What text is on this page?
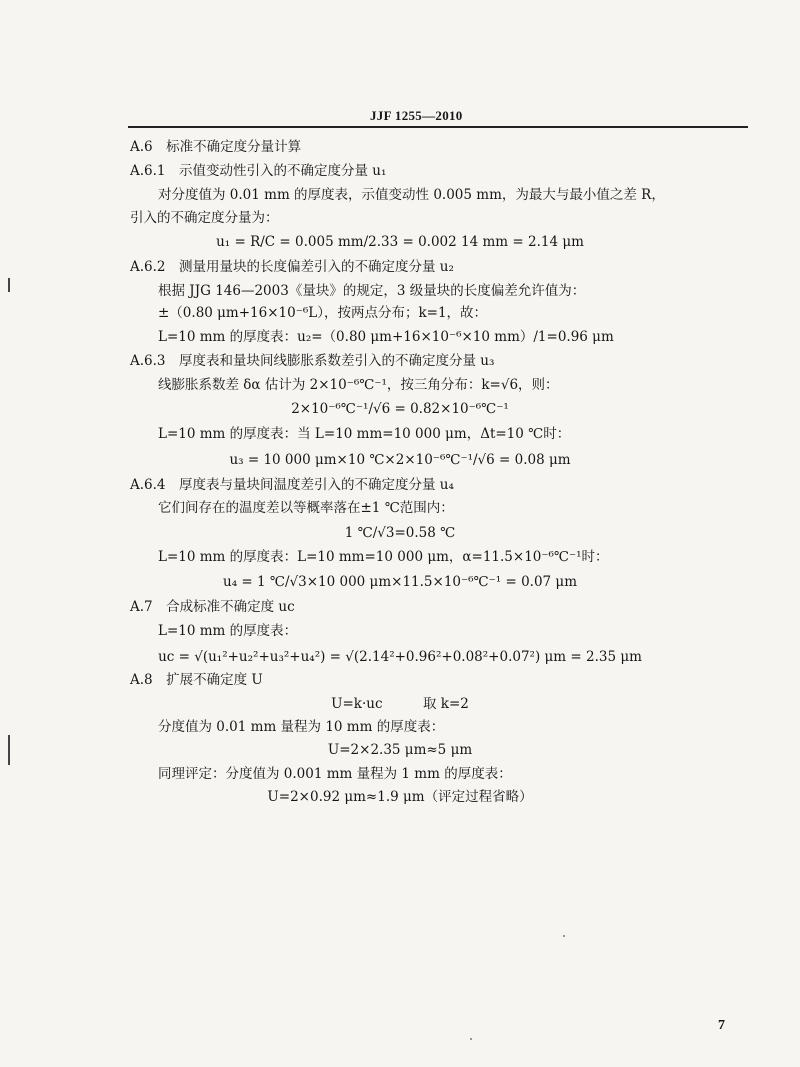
JJF 1255—2010
A.6　标准不确定度分量计算
A.6.1　示值变动性引入的不确定度分量 u₁
对分度值为 0.01 mm 的厚度表，示值变动性 0.005 mm，为最大与最小值之差 R，
引入的不确定度分量为：
u₁ = R/C = 0.005 mm/2.33 = 0.002 14 mm = 2.14 μm
A.6.2　测量用量块的长度偏差引入的不确定度分量 u₂
根据 JJG 146—2003《量块》的规定，3 级量块的长度偏差允许值为：
±（0.80 μm+16×10⁻⁶L），按两点分布；k=1，故：
L=10 mm 的厚度表：u₂=（0.80 μm+16×10⁻⁶×10 mm）/1=0.96 μm
A.6.3　厚度表和量块间线膨胀系数差引入的不确定度分量 u₃
线膨胀系数差 δα 估计为 2×10⁻⁶℃⁻¹，按三角分布：k=√6，则：
2×10⁻⁶℃⁻¹/√6 = 0.82×10⁻⁶℃⁻¹
L=10 mm 的厚度表：当 L=10 mm=10 000 μm，Δt=10 ℃时：
u₃ = 10 000 μm×10 ℃×2×10⁻⁶℃⁻¹/√6 = 0.08 μm
A.6.4　厚度表与量块间温度差引入的不确定度分量 u₄
它们间存在的温度差以等概率落在±1 ℃范围内：
1 ℃/√3=0.58 ℃
L=10 mm 的厚度表：L=10 mm=10 000 μm，α=11.5×10⁻⁶℃⁻¹时：
u₄ = 1 ℃/√3×10 000 μm×11.5×10⁻⁶℃⁻¹ = 0.07 μm
A.7　合成标准不确定度 uc
L=10 mm 的厚度表：
uc = √(u₁²+u₂²+u₃²+u₄²) = √(2.14²+0.96²+0.08²+0.07²) μm = 2.35 μm
A.8　扩展不确定度 U
U=k·uc　　　取 k=2
分度值为 0.01 mm 量程为 10 mm 的厚度表：
U=2×2.35 μm≈5 μm
同理评定：分度值为 0.001 mm 量程为 1 mm 的厚度表：
U=2×0.92 μm≈1.9 μm（评定过程省略）
7
